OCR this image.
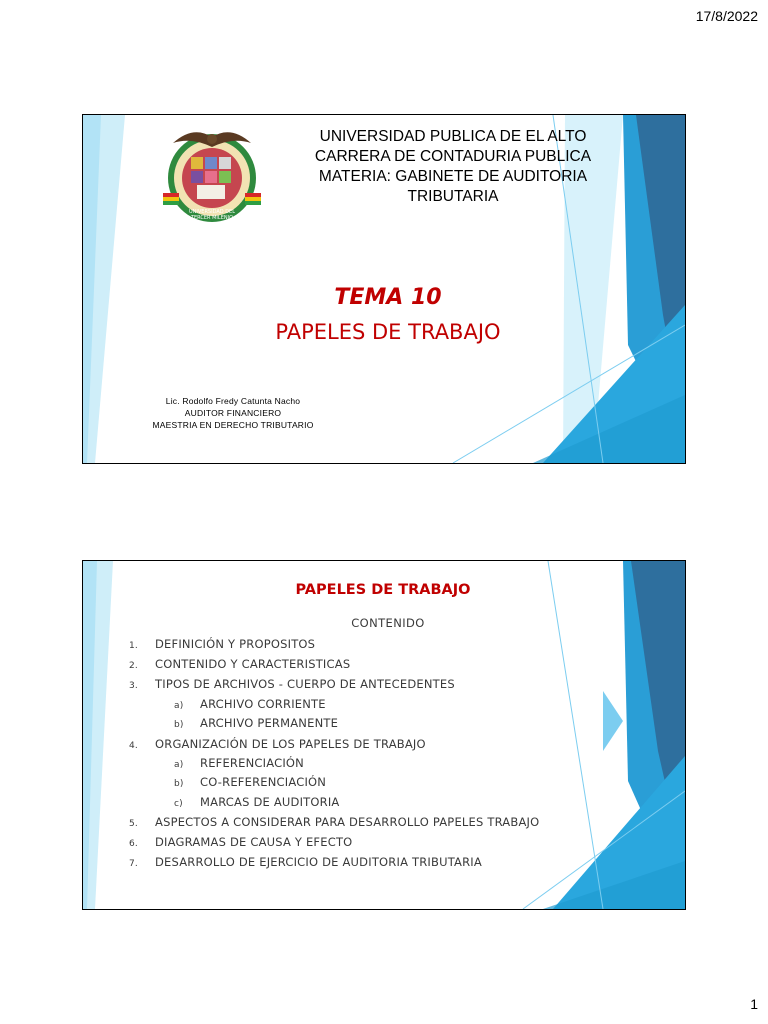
17/8/2022
UPEA
UNIVERSIDAD DEL
TERCER MILENIO
UNIVERSIDAD PUBLICA DE EL ALTO
CARRERA DE CONTADURIA PUBLICA
MATERIA: GABINETE DE AUDITORIA
TRIBUTARIA
TEMA 10
PAPELES DE TRABAJO
Lic. Rodolfo Fredy Catunta Nacho
AUDITOR FINANCIERO
MAESTRIA EN DERECHO TRIBUTARIO
PAPELES DE TRABAJO
CONTENIDO
1. DEFINICIÓN Y PROPOSITOS
2. CONTENIDO Y CARACTERISTICAS
3. TIPOS DE ARCHIVOS - CUERPO DE ANTECEDENTES
a) ARCHIVO CORRIENTE
b) ARCHIVO PERMANENTE
4. ORGANIZACIÓN DE LOS PAPELES DE TRABAJO
a) REFERENCIACIÓN
b) CO-REFERENCIACIÓN
c) MARCAS DE AUDITORIA
5. ASPECTOS A CONSIDERAR PARA DESARROLLO PAPELES TRABAJO
6. DIAGRAMAS DE CAUSA Y EFECTO
7. DESARROLLO DE EJERCICIO DE AUDITORIA TRIBUTARIA
1
